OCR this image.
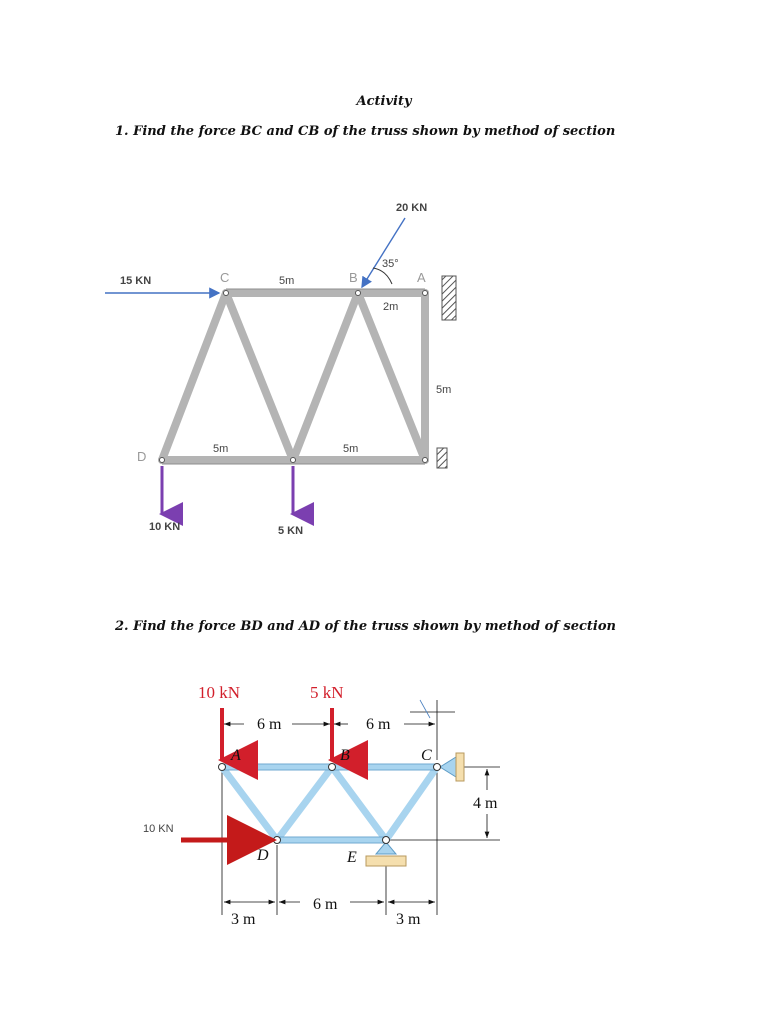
Activity
1. Find the force BC and CB of the truss shown by method of section
2. Find the force BD and AD of the truss shown by method of section
15 KN
20 KN
35°
10 KN	5 KN
C	B	A
D
5m
2m
5m
5m	5m
10 kN	5 kN
10 KN
A	B	C
D	E
6 m	6 m
4 m
3 m
6 m
3 m
